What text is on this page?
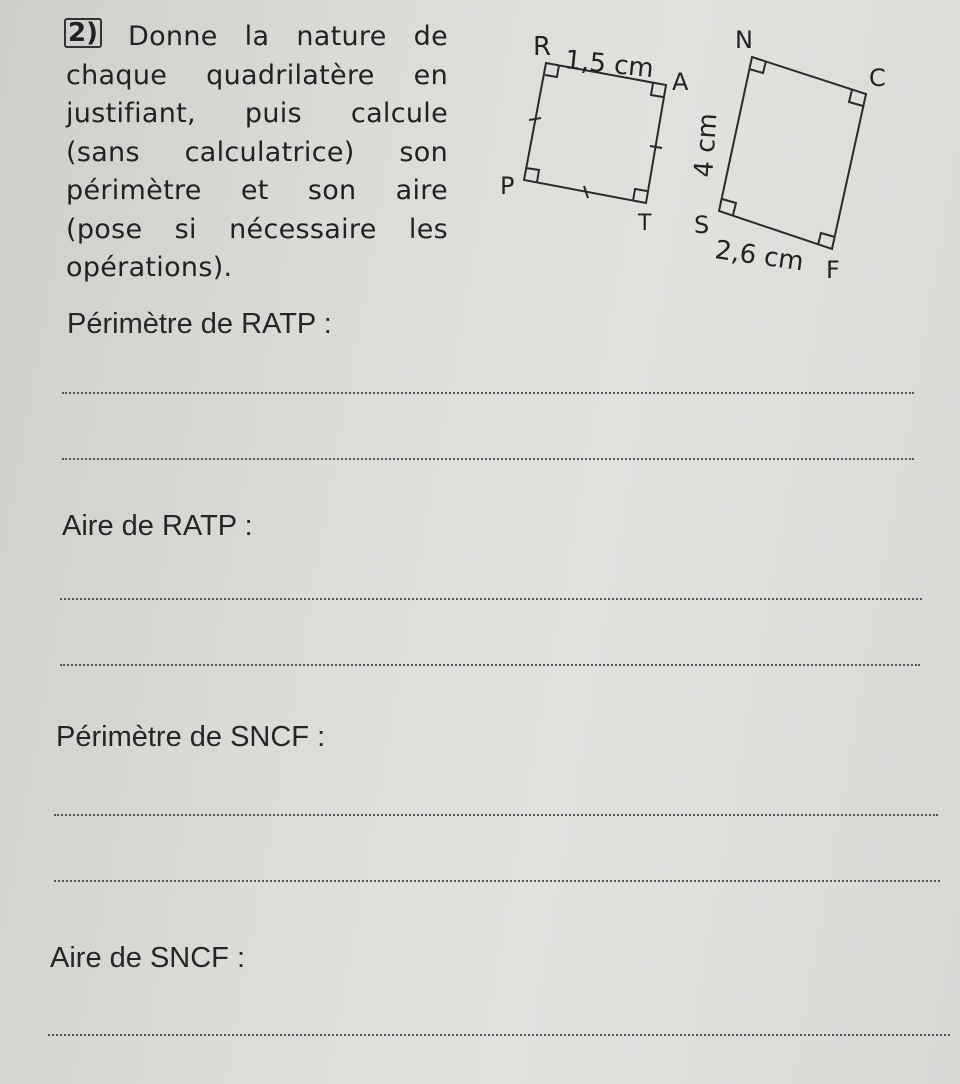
2)	Donne la nature de
chaque quadrilatère en
justifiant, puis calcule
(sans calculatrice) son
périmètre et son aire
(pose si nécessaire les
opérations).
R 1,5 cm A
T
P
N
C
S
F
2,6 cm
4 cm
Périmètre de RATP :
Aire de RATP :
Périmètre de SNCF :
Aire de SNCF :
